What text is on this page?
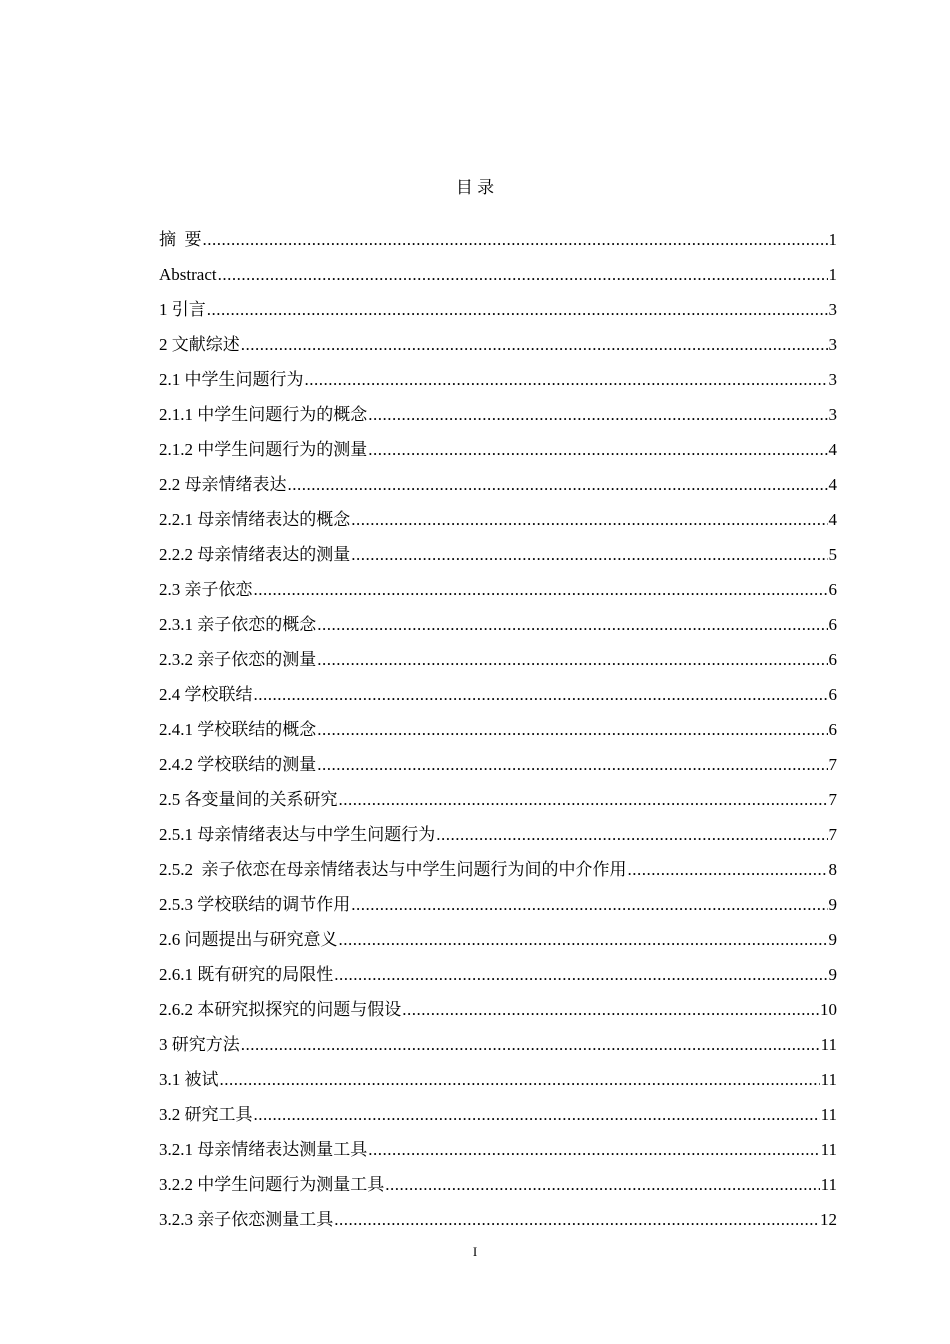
目 录
摘  要 .....	1
Abstract .....	1
1 引言 .....	3
2 文献综述 .....	3
2.1 中学生问题行为 .....	3
2.1.1 中学生问题行为的概念 .....	3
2.1.2 中学生问题行为的测量 .....	4
2.2 母亲情绪表达 .....	4
2.2.1 母亲情绪表达的概念 .....	4
2.2.2 母亲情绪表达的测量 .....	5
2.3 亲子依恋 .....	6
2.3.1 亲子依恋的概念 .....	6
2.3.2 亲子依恋的测量 .....	6
2.4 学校联结 .....	6
2.4.1 学校联结的概念 .....	6
2.4.2 学校联结的测量 .....	7
2.5 各变量间的关系研究 .....	7
2.5.1 母亲情绪表达与中学生问题行为 .....	7
2.5.2  亲子依恋在母亲情绪表达与中学生问题行为间的中介作用 .....	8
2.5.3 学校联结的调节作用 .....	9
2.6 问题提出与研究意义 .....	9
2.6.1 既有研究的局限性 .....	9
2.6.2 本研究拟探究的问题与假设 .....	10
3 研究方法 .....	11
3.1 被试 .....	11
3.2 研究工具 .....	11
3.2.1 母亲情绪表达测量工具 .....	11
3.2.2 中学生问题行为测量工具 .....	11
3.2.3 亲子依恋测量工具 .....	12
I
